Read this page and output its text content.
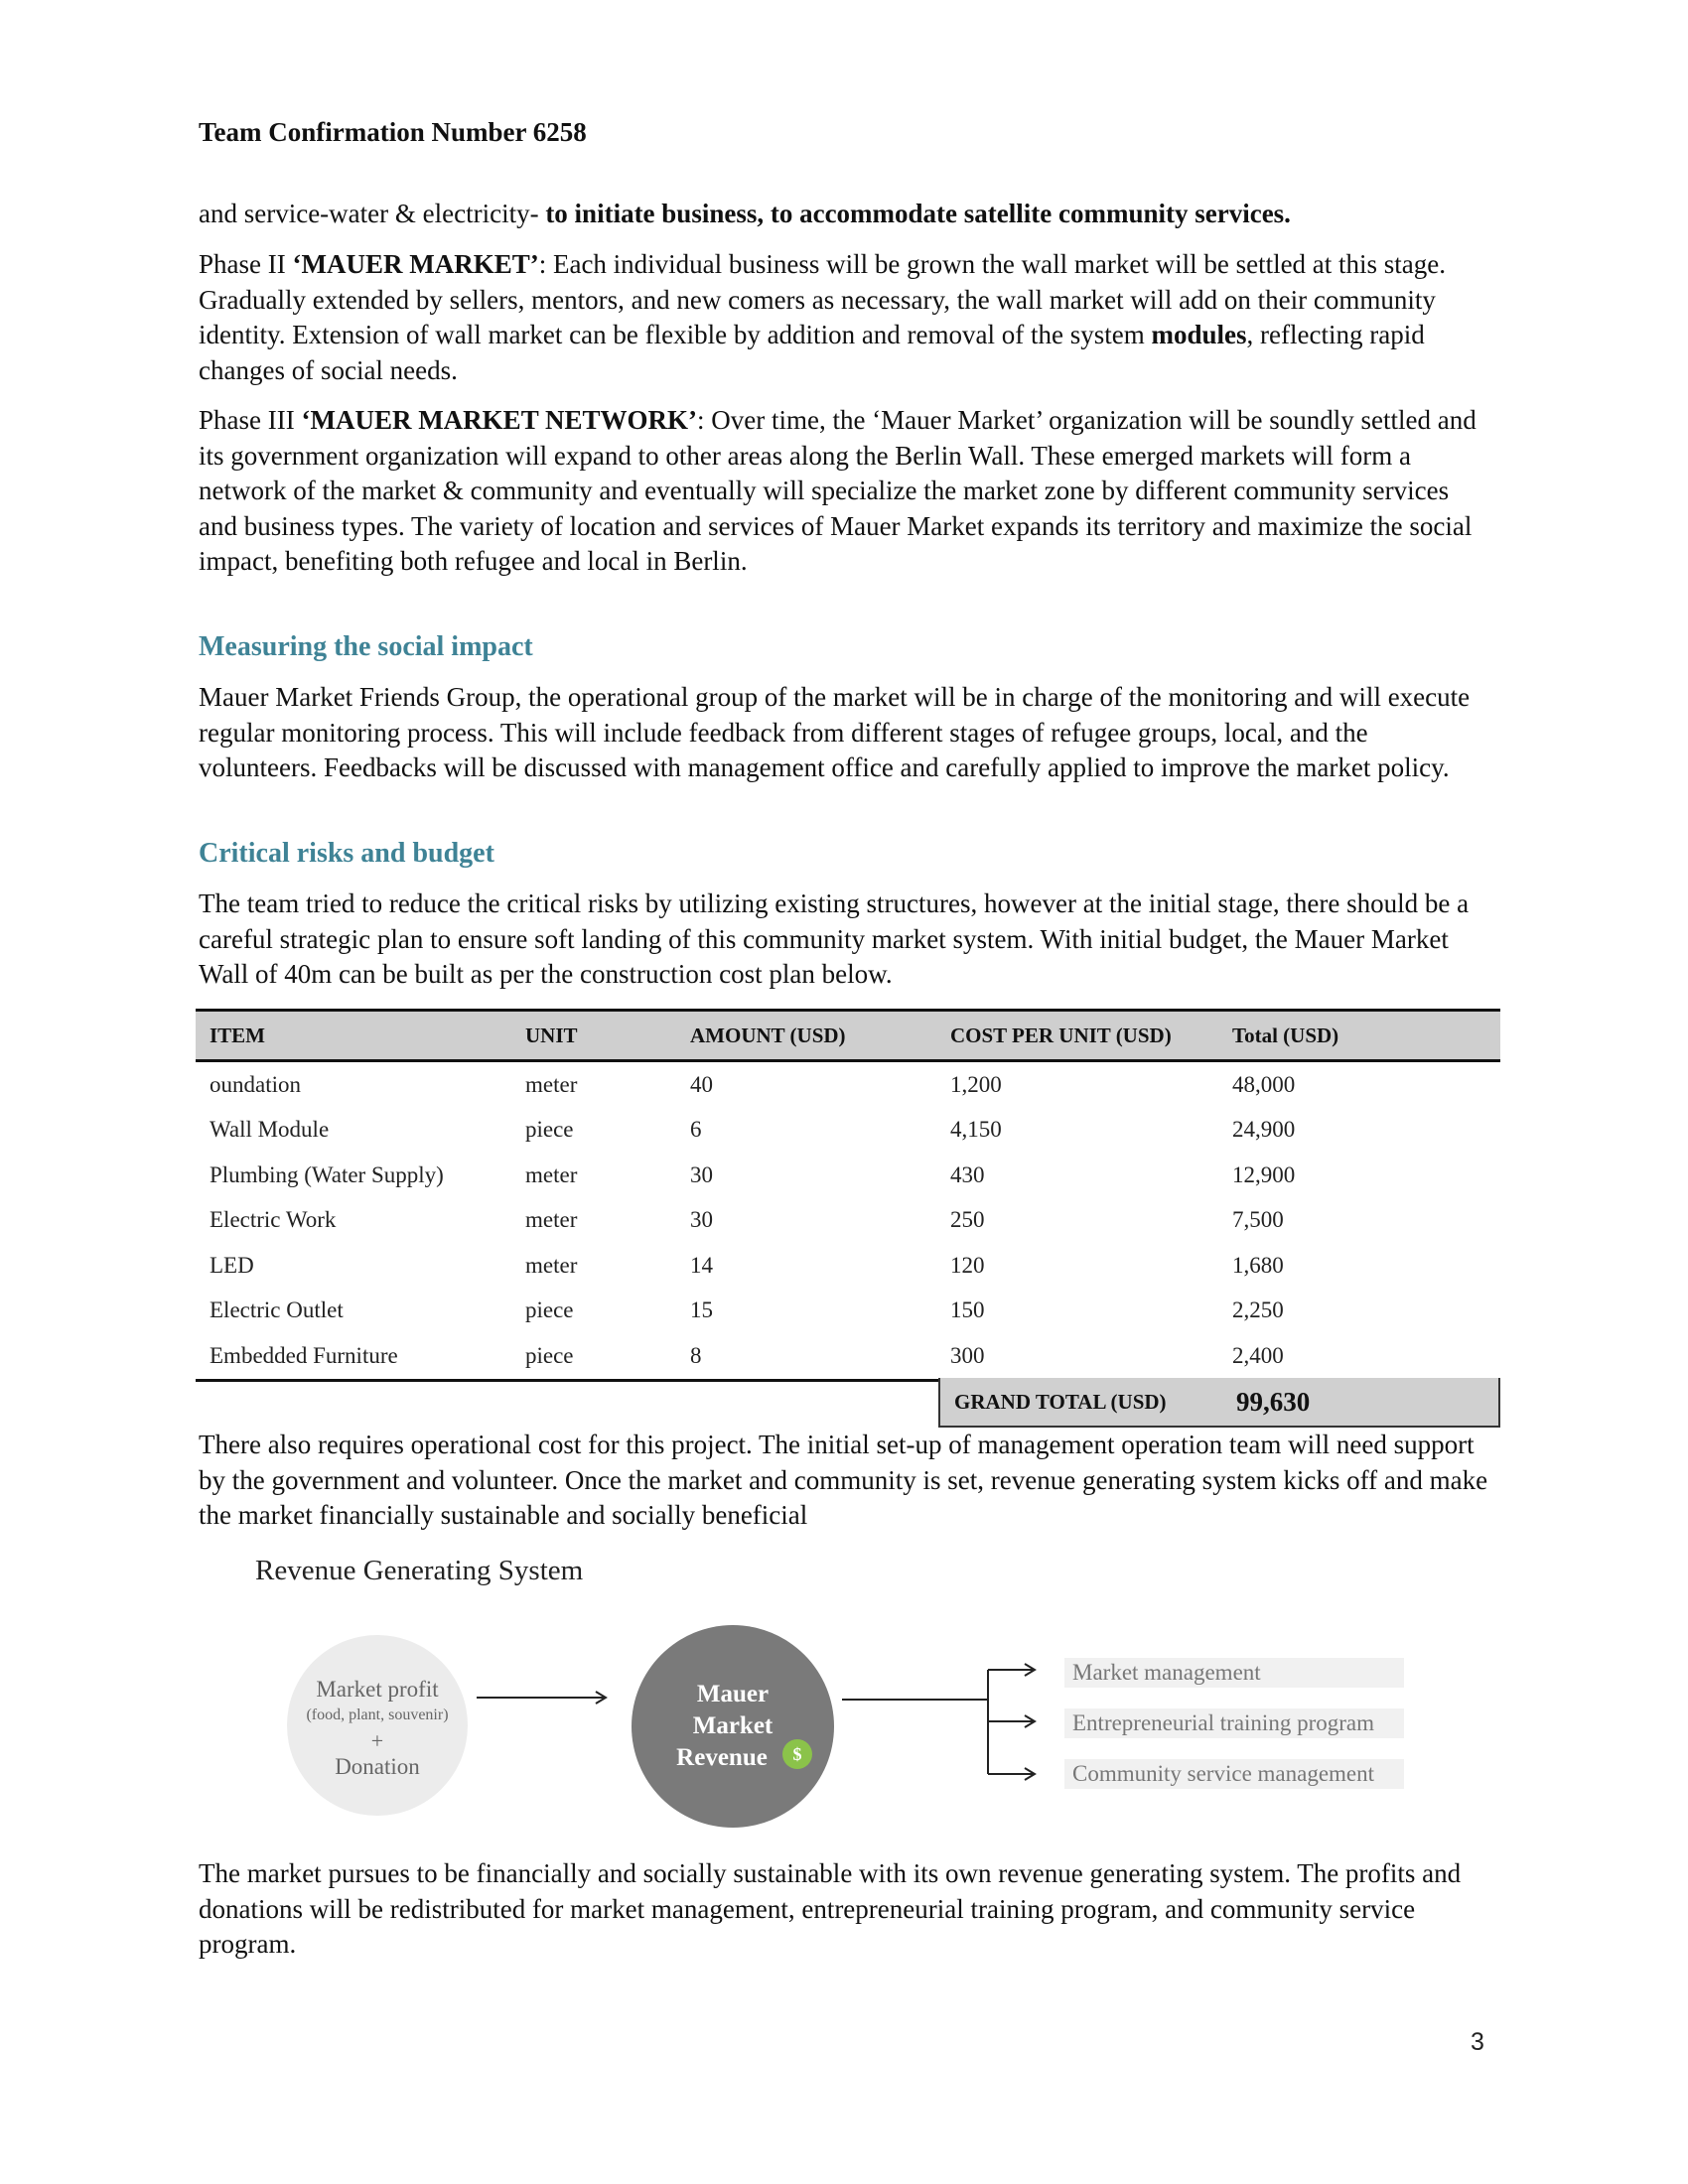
Team Confirmation Number 6258

and service-water & electricity- to initiate business, to accommodate satellite community services.

Phase II ‘MAUER MARKET’: Each individual business will be grown the wall market will be settled at this stage. Gradually extended by sellers, mentors, and new comers as necessary, the wall market will add on their community identity. Extension of wall market can be flexible by addition and removal of the system modules, reflecting rapid changes of social needs.

Phase III ‘MAUER MARKET NETWORK’: Over time, the ‘Mauer Market’ organization will be soundly settled and its government organization will expand to other areas along the Berlin Wall. These emerged markets will form a network of the market & community and eventually will specialize the market zone by different community services and business types. The variety of location and services of Mauer Market expands its territory and maximize the social impact, benefiting both refugee and local in Berlin.

Measuring the social impact
Mauer Market Friends Group, the operational group of the market will be in charge of the monitoring and will execute regular monitoring process. This will include feedback from different stages of refugee groups, local, and the volunteers. Feedbacks will be discussed with management office and carefully applied to improve the market policy.
Critical risks and budget
The team tried to reduce the critical risks by utilizing existing structures, however at the initial stage, there should be a careful strategic plan to ensure soft landing of this community market system. With initial budget, the Mauer Market Wall of 40m can be built as per the construction cost plan below.
ITEM	UNIT	AMOUNT (USD)	COST PER UNIT (USD)	Total (USD)
oundation	meter	40	1,200	48,000
Wall Module	piece	6	4,150	24,900
Plumbing (Water Supply)	meter	30	430	12,900
Electric Work	meter	30	250	7,500
LED	meter	14	120	1,680
Electric Outlet	piece	15	150	2,250
Embedded Furniture	piece	8	300	2,400
GRAND TOTAL (USD)	99,630
There also requires operational cost for this project. The initial set-up of management operation team will need support by the government and volunteer. Once the market and community is set, revenue generating system kicks off and make the market financially sustainable and socially beneficial
Revenue Generating System
Market profit
(food, plant, souvenir)
+
Donation
Mauer
Market
Revenue	$
Market management
Entrepreneurial training program
Community service management
The market pursues to be financially and socially sustainable with its own revenue generating system. The profits and donations will be redistributed for market management, entrepreneurial training program, and community service program.
3
